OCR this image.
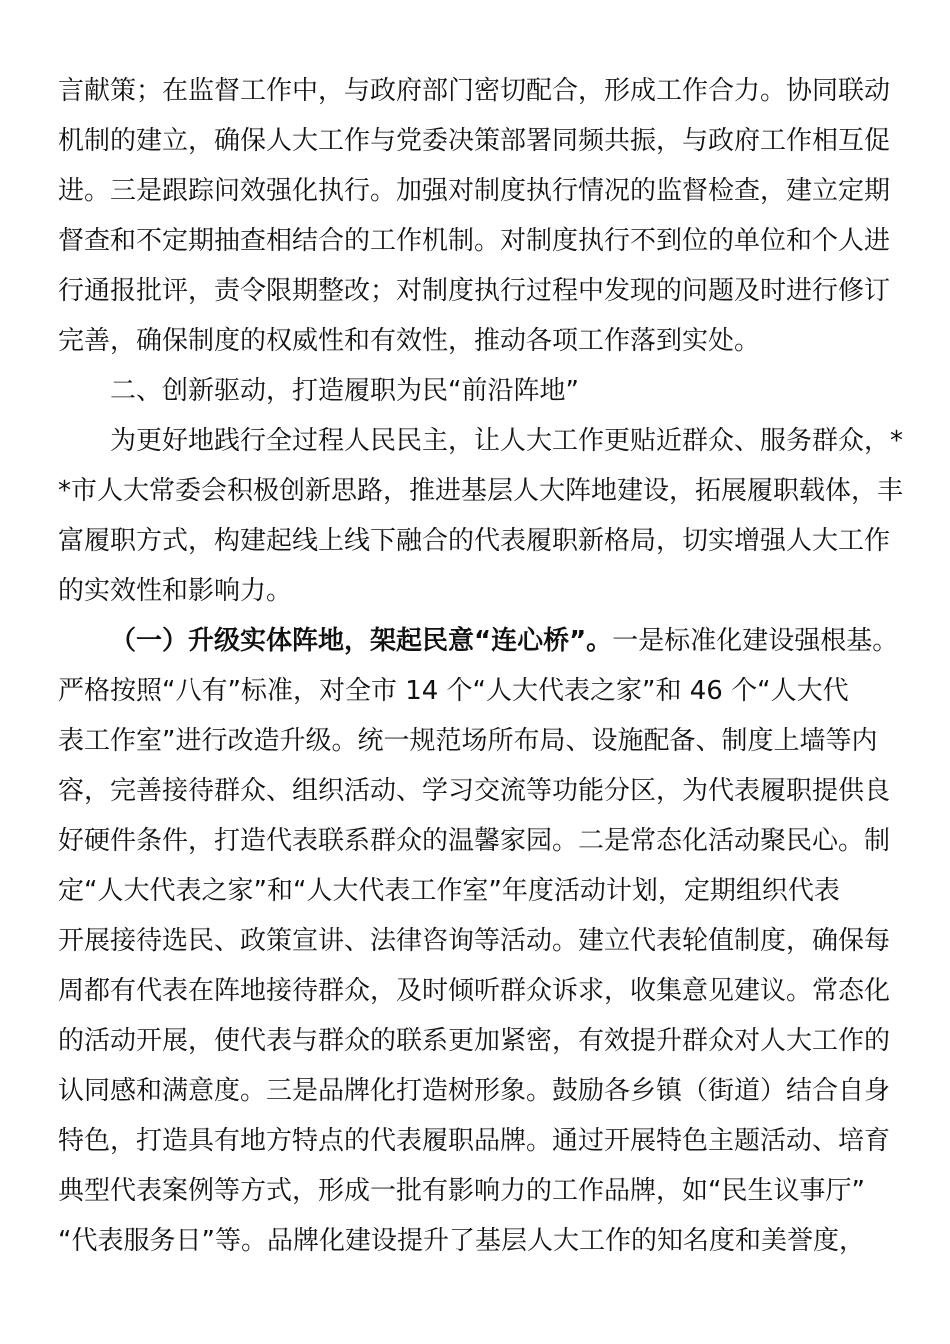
言献策；在监督工作中，与政府部门密切配合，形成工作合力。协同联动
机制的建立，确保人大工作与党委决策部署同频共振，与政府工作相互促
进。三是跟踪问效强化执行。加强对制度执行情况的监督检查，建立定期
督查和不定期抽查相结合的工作机制。对制度执行不到位的单位和个人进
行通报批评，责令限期整改；对制度执行过程中发现的问题及时进行修订
完善，确保制度的权威性和有效性，推动各项工作落到实处。
二、创新驱动，打造履职为民“前沿阵地”
为更好地践行全过程人民民主，让人大工作更贴近群众、服务群众，*
*市人大常委会积极创新思路，推进基层人大阵地建设，拓展履职载体，丰
富履职方式，构建起线上线下融合的代表履职新格局，切实增强人大工作
的实效性和影响力。
（一）升级实体阵地，架起民意“连心桥”。一是标准化建设强根基。
严格按照“八有”标准，对全市 14 个“人大代表之家”和 46 个“人大代
表工作室”进行改造升级。统一规范场所布局、设施配备、制度上墙等内
容，完善接待群众、组织活动、学习交流等功能分区，为代表履职提供良
好硬件条件，打造代表联系群众的温馨家园。二是常态化活动聚民心。制
定“人大代表之家”和“人大代表工作室”年度活动计划，定期组织代表
开展接待选民、政策宣讲、法律咨询等活动。建立代表轮值制度，确保每
周都有代表在阵地接待群众，及时倾听群众诉求，收集意见建议。常态化
的活动开展，使代表与群众的联系更加紧密，有效提升群众对人大工作的
认同感和满意度。三是品牌化打造树形象。鼓励各乡镇（街道）结合自身
特色，打造具有地方特点的代表履职品牌。通过开展特色主题活动、培育
典型代表案例等方式，形成一批有影响力的工作品牌，如“民生议事厅”
“代表服务日”等。品牌化建设提升了基层人大工作的知名度和美誉度，
